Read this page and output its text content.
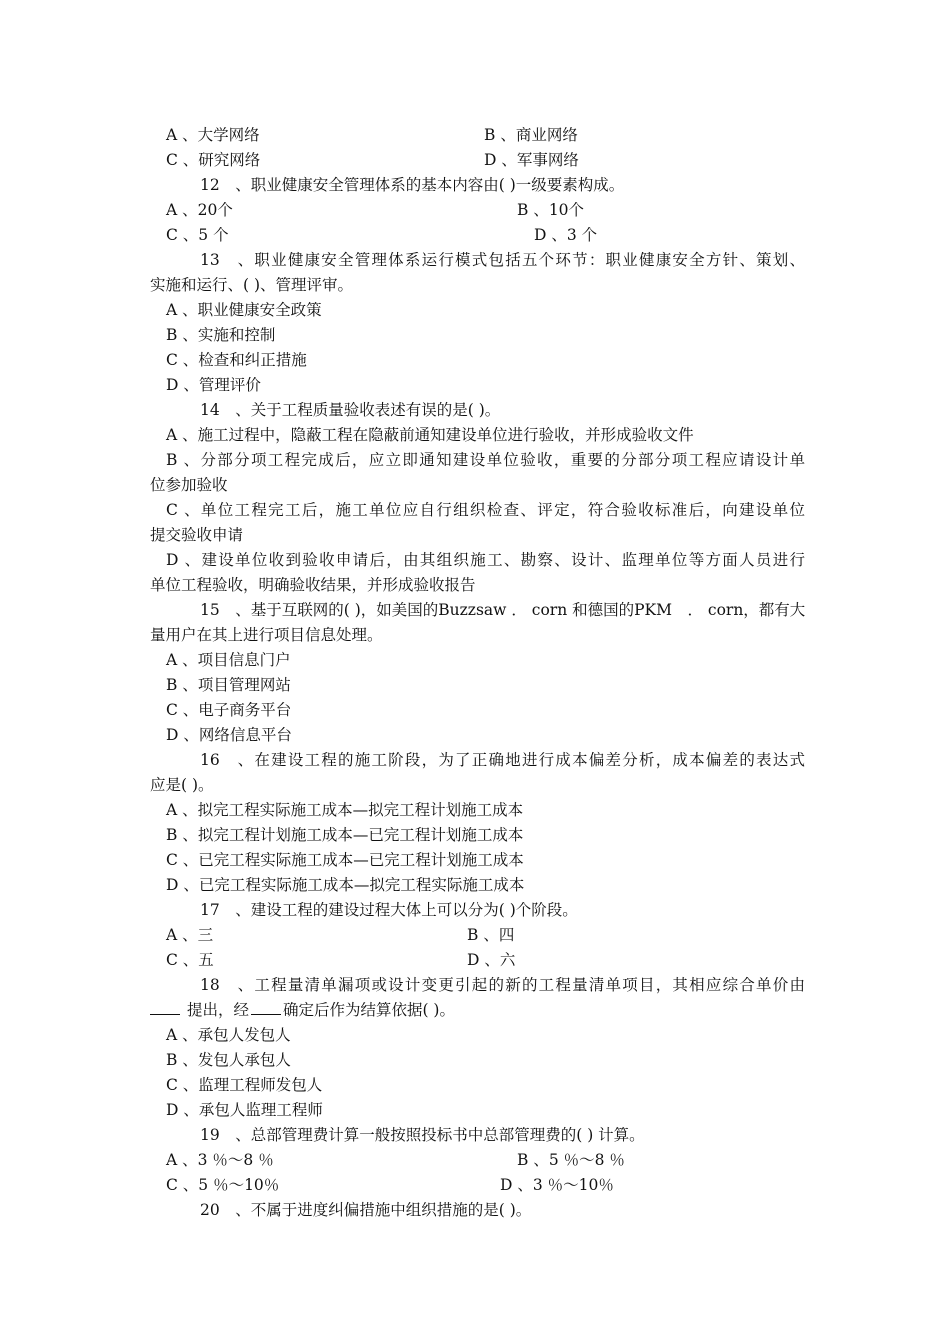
A 、大学网络	B 、商业网络
C 、研究网络	D 、军事网络
12　、职业健康安全管理体系的基本内容由( )一级要素构成。
A 、20个	B 、10个
C 、5 个	D 、3 个
13　、职业健康安全管理体系运行模式包括五个环节：职业健康安全方针、策划、
实施和运行、( )、管理评审。
A 、职业健康安全政策
B 、实施和控制
C 、检查和纠正措施
D 、管理评价
14　、关于工程质量验收表述有误的是( )。
A 、施工过程中，隐蔽工程在隐蔽前通知建设单位进行验收，并形成验收文件
B 、分部分项工程完成后，应立即通知建设单位验收，重要的分部分项工程应请设计单
位参加验收
C 、单位工程完工后，施工单位应自行组织检查、评定，符合验收标准后，向建设单位
提交验收申请
D 、建设单位收到验收申请后，由其组织施工、勘察、设计、监理单位等方面人员进行
单位工程验收，明确验收结果，并形成验收报告
15　、基于互联网的( )，如美国的Buzzsaw ． corn 和德国的PKM　． corn，都有大
量用户在其上进行项目信息处理。
A 、项目信息门户
B 、项目管理网站
C 、电子商务平台
D 、网络信息平台
16　、在建设工程的施工阶段，为了正确地进行成本偏差分析，成本偏差的表达式
应是( )。
A 、拟完工程实际施工成本—拟完工程计划施工成本
B 、拟完工程计划施工成本—已完工程计划施工成本
C 、已完工程实际施工成本—已完工程计划施工成本
D 、已完工程实际施工成本—拟完工程实际施工成本
17　、建设工程的建设过程大体上可以分为( )个阶段。
A 、三	B 、四
C 、五	D 、六
18　、工程量清单漏项或设计变更引起的新的工程量清单项目，其相应综合单价由
提出，经 确定后作为结算依据( )。
A 、承包人发包人
B 、发包人承包人
C 、监理工程师发包人
D 、承包人监理工程师
19　、总部管理费计算一般按照投标书中总部管理费的( ) 计算。
A 、3 ％～8 ％	B 、5 ％～8 ％
C 、5 ％～10％	D 、3 ％～10％
20　、不属于进度纠偏措施中组织措施的是( )。
